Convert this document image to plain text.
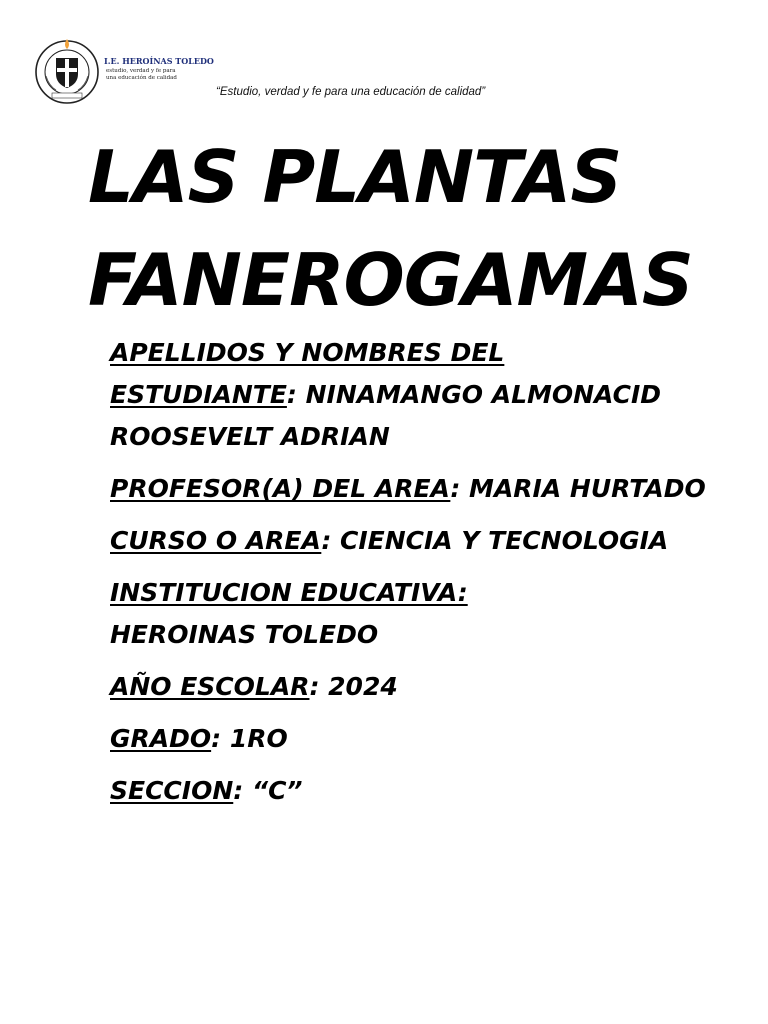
I.E. HEROÍNAS TOLEDO
estudio, verdad y fe para una educación de calidad
“Estudio, verdad y fe para una educación de calidad”
LAS PLANTAS
FANEROGAMAS

APELLIDOS Y NOMBRES DEL
ESTUDIANTE: NINAMANGO ALMONACID ROOSEVELT ADRIAN

PROFESOR(A) DEL AREA: MARIA HURTADO

CURSO O AREA: CIENCIA Y TECNOLOGIA

INSTITUCION EDUCATIVA:
HEROINAS TOLEDO

AÑO ESCOLAR: 2024

GRADO: 1RO

SECCION: “C”
